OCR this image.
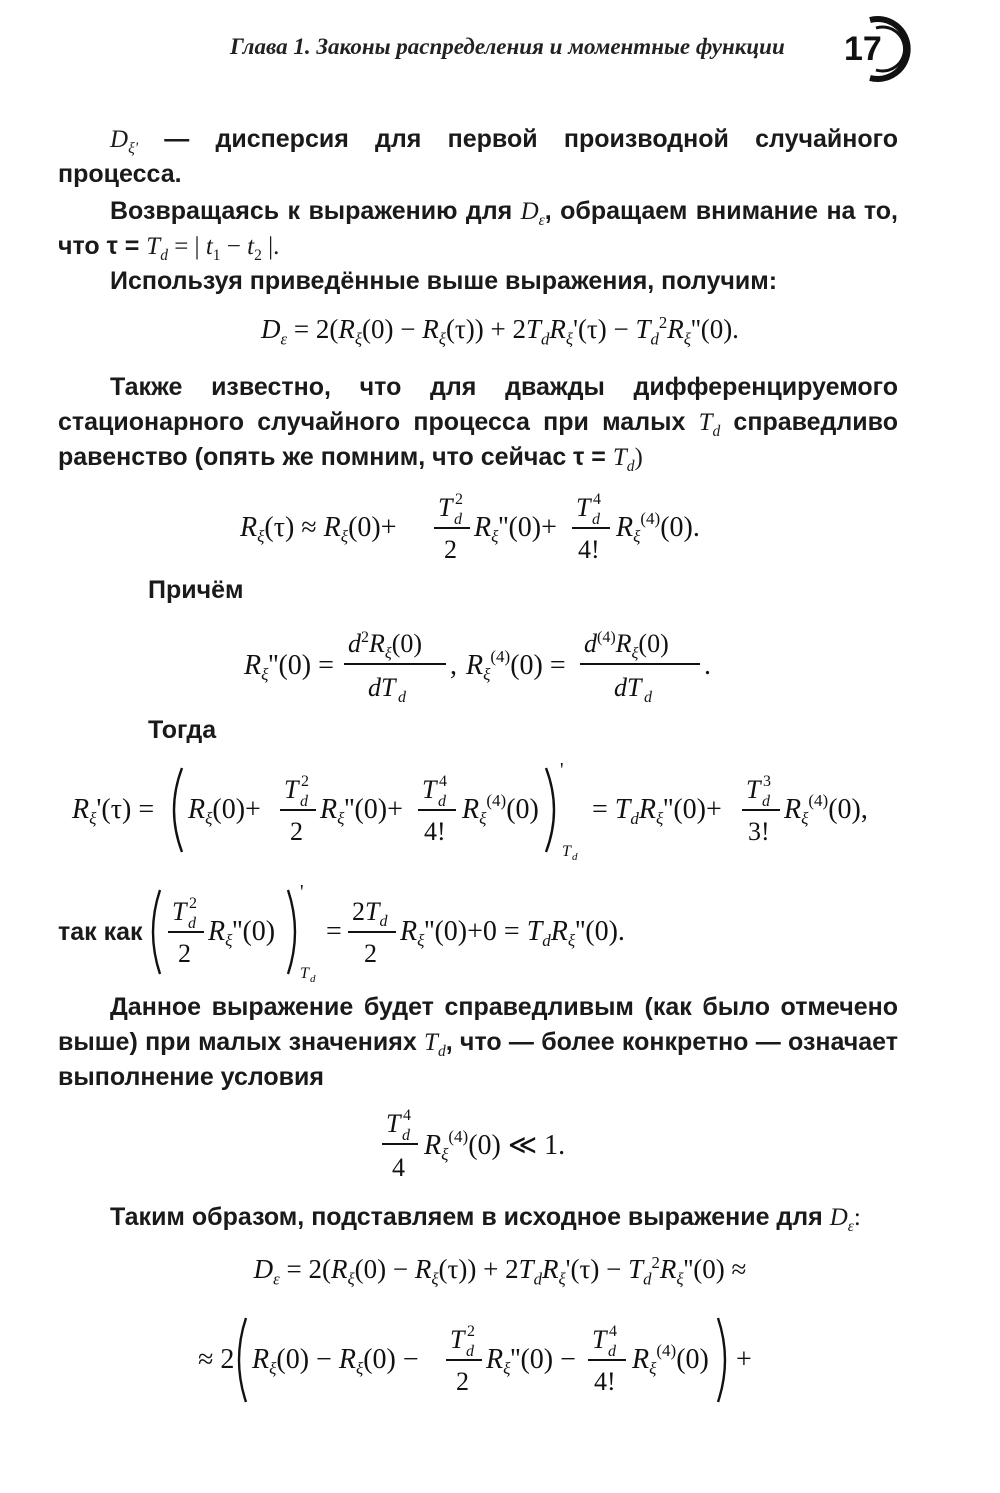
Глава 1. Законы распределения и моментные функции 17

$D_{\xi'}$ — дисперсия для первой производной случайного процесса.

Возвращаясь к выражению для $D_\varepsilon$, обращаем внимание на то, что $\tau = T_d$ = | $t_1 - t_2$ |.

Используя приведённые выше выражения, получим:

$D_\varepsilon = 2(R_\xi(0) - R_\xi(\tau)) + 2T_dR_\xi'(\tau) - T_d^2R_\xi''(0)$.

Также известно, что для дважды дифференцируемого стационарного случайного процесса при малых $T_d$ справедливо равенство (опять же помним, что сейчас $\tau = T_d$)

$R_\xi(\tau) \approx R_\xi(0)+$
T 2
d
2
$R_\xi''(0)+$
T 4
d
4!
$R_\xi^{(4)}(0)$.
Причём
$R_\xi''(0)$ =
$d^2R_\xi(0)$
dT d
, $R_\xi^{(4)}(0)$ =
$d^{(4)}R_\xi(0)$
dT d
.
Тогда
$R_\xi'(\tau) = R_\xi(0)+$
T 2
d
2
$R_\xi''(0)+$
T 4
d
4!
$R_\xi^{(4)}(0)$
'
T d
= $T_dR_\xi''(0)+$
T 3
d
3!
$R_\xi^{(4)}(0)$,
так как
T 2
d
2
$R_\xi''(0)$
'
T d
=
$2T_d$
2
$R_\xi''(0)+0 = T_dR_\xi''(0)$.

Данное выражение будет справедливым (как было отмечено выше) при малых значениях $T_d$, что — более конкретно — означает выполнение условия

T 4
d
4
$R_\xi^{(4)}(0)$ ≪ 1.

Таким образом, подставляем в исходное выражение для $D_\varepsilon$:

$D_\varepsilon = 2(R_\xi(0) - R_\xi(\tau)) + 2T_dR_\xi'(\tau) - T_d^2R_\xi''(0)$ ≈
≈ 2 $R_\xi(0) - R_\xi(0)$ −
T 2
d
2
$R_\xi''(0)$ −
T 4
d
4!
$R_\xi^{(4)}(0)$ +
